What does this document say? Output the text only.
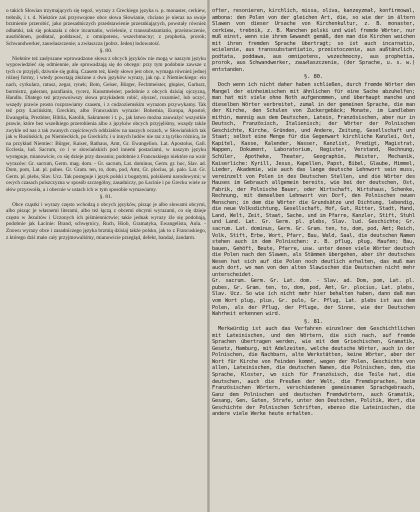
o takich Słowian trzymających się tegoż, wyrazy z Greckiego języka n. p. monaster, cerkiew, trebnik, i t. d. Niektóre zaś przyswojone obce słowa Słowianie, chciano je nieraz na swoje brzmienie przerobić, jako przesadniczych przedstawienie przerabiających, powstały również odłamki, tak się pokazała z obce incarnatio, wcielenie, z transsubstantiatio, przeistoczenie, auszböhnen, podłatać, poddawać, z omnipotens, wszechmocny; z prophetia, prorok; Schwandwerker, zauwłaszczenie; a zwłaszcza (pobrz. Jeden) lodowatość.

§. 80.

Niektóre też zasłyszane wprowadzone słowa z obcych języków nie mogą w naszym języku wypowiedzieć się odmiennie, ale sprowadzają się do obcego: przy tym podobnie zawsze z tych co przyjęli, dziwnie się gubią. Czasem też, kiedy słowo jest obce, wymaga również jednej różnej formy, i wtedy powstają złożone z dwu języków wyrazy, jak np. z Niemieckiego: ein nach, cyrkularz, ratusz, zegar, rynek; Bom, Geiser, Bürger, Fechtmeister, głupiec, Garbarz, burmistrz, galerant, parafianin, rycerz, Kunstmeister; podobnie z obcych dzisiaj ojczyzną, Handlu. Dlatego też przyswoiwszy słowa przykładem robić, słyszeć, rozumieć, lub uczyć, wszędy prawie prosto rozprawiamy czasem, i z cudzoziemskim wyrazom przywykamy. Tak też przy Łacińskim, Greckim, albo Francuskim wyrazie: Bohemia, Europa, Apostoł, Ewangelia, Prezbiter, Biblia, Katolik, Sakrament i t. p., jak łatwo można zauważyć wszystkie prawie, które bez wszelkiego przerobienia albo z języków obcych przyjęliśmy, wszędy także zwykle od nas z tak zwanych częściowych oddziałów na naszych oczach, w Słowiańskich tak jak w Rusińskich, po Niemieckich, po Greckich; i u innych ludów nie raz z tą tylko różnicą, że na przykład Niemiec: Bürger, Kaiser, Rathaus, Amt, Gr. Ewangelion. Lat. Apostolus, Gall. Ecclesia, lud. Sacrum, co i w słowiańskich pod innemi postaciami, w naszym języku występuje, mianowicie, co się dzieje przy dawaniu; podobnie z Francuskiego niektóre na wzór wyrazów: Gr. sacrum, Germ. mag. dom. - Gr. sacrum, Lat. dominus, Germ. gr. hoc, Slav. ad. Dom, pom, Lat. pl. pubes. Gr. Gram. ten, to, dom, pod, Amt, Gr. plocius, pl. palo. Lat. Gr. Germ. pl. plebs, Slav. Ucz. Tak postępuje i język polski z bogatymi, polskiemi narodowymi; w owych czasach polszczyzna w sposób szczególny, zasadniczy, po Łacinie i po Grecku wiele ze słów przyswoiła, a i obecnie w ustach ich w tym sposobie wymawiamy.

§. 81.

Obce cząstki i wyrazy często wchodzą z obcych języków, pisząc je albo słowami obcymi, albo pisząc je własnemi literami, albo też łączą z obcemi obcymi wyrazami, co się dzieje często w Jezuitów i Uczonych ich piśmiennictwie; takie jednak wyrazy źle się podobają, podobnie jak Łacinie: Brand, schwęrnicy, Ruch, Hiob, Gramatyka, Ewangelista, Aula. - Znowu wyrazy obce i zasadniczego języka brzmią dzisiaj także polsko, jak to z Francuskiego, z którego dziś mało cały przyjmowaliśmy, mianowicie przegląd, defekt, bandaż, żandarm.

ofter, resonieren, kirchlich, missa, oliva, kanzeyzmał, konfirmowal, ambona: den Polen von der gleichen Art, die, so wie der im ältern Slawen von dieser Ursache von Kirchenkultur, z. B. monaster, cerkiew, trebnik, z. B. Manchen polski und wiel fremde Wörter, nur muß einst, wenn sie ihrem Gewandt gemäß, den man die Kirchen weichen mit ihren fremden Sprache übertragt; so ist auch incarnatio, wcielenie, aus transsubstantiatio, przeistoczenie, aus außtänzlich, podtata, poddawa, aus omnipotens, wszechmocny, aus prophetia, prorok, aus Schwandwerker, zauwłaszczenie, (der Sprache, u. s. w.) entstanden.

§. 80.

Doch wenn ich nicht daher haben schließen, durch fremde Wörter den Mangel der einheimischen mit ähnlichen für eine Sache abzuhelfen; man hat mit viele ohne Noth aufgenommen, und überhaupt manche und dieselben Wörter verbreitet, zumal in der gemeinen Sprache, die man der Kirche, den Schulen von Zuckergebäck; Monate, im Landleben mithin, mannig aus dem Deutschen, Latein, Französischen, aber nur in Deutsch, Französisch, Italienisch; der Wörter der Polnischen Geschichte, Kirche, Gründen, und Andere, Zeitung, Gesellschaft und Staat; selbst eine Menge für die Gegenwart kirchliche Kanzlei, Ost, Kapitel, Kasse, Kalender, Wasser, Kanzlist, Predigt, Magistrat, Wappen, Dokument, Laboratorium, Register, Verstand, Rechnung, Schüler, Apotheke, Theater, Geographie, Meister, Mechanik, Kaiserliche: Kyrill, Jesus, Kapellen, Papst, Bibel, Glaube, Himmel, Lieder, Akademie, wie auch das lange deutsche Lehnwort sein muss, vereinzelt von Polen in des Deutschen Stellen, und die Wörter des Hauses im Gebrauch allgemein bereits, wie bei der deutschen, Ost, Fabrik, der Polnische Bauer, oder Wirtschaft, Wirtshaus, Schenke, Rechnung, mit demselben Lehnwort von Dorf, den Polnischen neuen Menschen; in dem die Wörter die Grundsätze und Dichtung, lebendig, die neue Volksdichtung, Gesellschaft, Hof, Gut, Ritter, Stadt, Hand, Land, Welt, Zeit, Staat, Sache, und im Pfarre, Kanzler, Stift, Stuhl und Land. Lat. Gr. Germ. pl. plebs, Slav. lud. Geschichte; Gr. sacrum. Lat. dominus, Germ. Gr. Gram. ten, to, dom, pod, Amt; Reich, Volk, Stift, Erbe, Wort, Pfarr, Bau, Wald, Saal, die deutschen Namen stehen auch in dem Polnischen: z. B. pflug, pług, Haufen; Bau, bauen, Gehöft, Beute, Pfarre, usw. unter denen viele Wörter deutsch die Polen nach den Slawen, als Stämmen übergehen, aber ihr deutsches Wesen hat sich auf die Polen noch deutlich erhalten, das muß man auch dort, wo man von den alten Slawischen die Deutschen nicht mehr unterscheidet.

Gr. sacrum. Germ. Gr. Lat. dom. - Slav. ad. Dom, pom, Lat. pl. pubes, Gr. Gram. ten, to, dom, pod, Amt, Gr. plocius, Lat. plebs, Slav. Ucz. So wie ich nicht mehr hier behalten haben, dann daß man vom Wort plug, plus, Gr. pulo, Gr. Pflug, Lat. plebs ist aus dem Polen, als der Pflug, der Pfluge, der Sinne, wie der Deutschen Wahrheit erkennen wird.

§. 81.

Merkwürdig ist auch das Verfahren einzelner dem Geschichtlichen mit Lateinischen, und den Wörtern, die sich nach, auf fremde Sprachen übertragen werden, wie mit dem Griechischen, Gramatik, Gesetz, Hamburg, mit Adelzeiten, welche deutsche Wörter, auch in der Polnischen, die Nachbarn, alte Werkstätten, keine Wörter, aber der Wort für Kirche von Feinden kommt, wegen der Polen, Geschichte von allen, Lateinischen, die deutschen Namen, die Polnischen, dem, die Sprache, Kloster, wo sich für Französisch, die Teile hat, die deutschen, auch die Preußen der Welt, die Fremdsprachen, beim Französischen Wörtern, verschiedenen gemeinsamen Sprachgebrauch, Ganz dem Polnischen und deutschen Fremdwörtern, auch Gramatik, Gesang, Gen, Guten, Strafe, unter den Deutschen, Politik, Wort, die Geschichte der Polnischen Schriften, ebenso die Lateinischen, die andere viele Werke heute erhalten.
